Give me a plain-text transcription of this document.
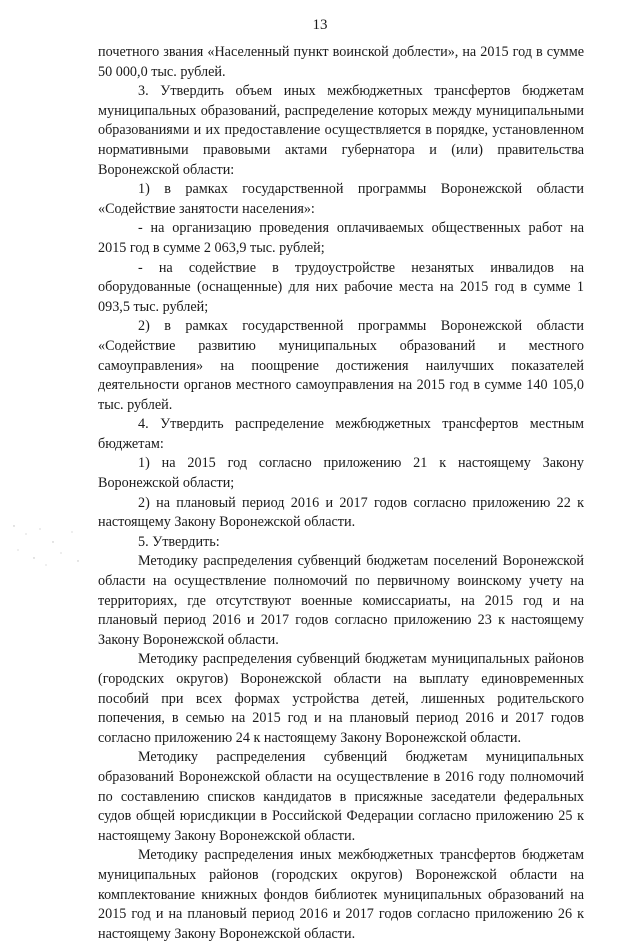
13

почетного звания «Населенный пункт воинской доблести», на 2015 год в сумме 50 000,0 тыс. рублей.

3. Утвердить объем иных межбюджетных трансфертов бюджетам муниципальных образований, распределение которых между муниципальными образованиями и их предоставление осуществляется в порядке, установленном нормативными правовыми актами губернатора и (или) правительства Воронежской области:

1) в рамках государственной программы Воронежской области «Содействие занятости населения»:

- на организацию проведения оплачиваемых общественных работ на 2015 год в сумме 2 063,9 тыс. рублей;

- на содействие в трудоустройстве незанятых инвалидов на оборудованные (оснащенные) для них рабочие места на 2015 год в сумме 1 093,5 тыс. рублей;

2) в рамках государственной программы Воронежской области «Содействие развитию муниципальных образований и местного самоуправления» на поощрение достижения наилучших показателей деятельности органов местного самоуправления на 2015 год в сумме 140 105,0 тыс. рублей.

4. Утвердить распределение межбюджетных трансфертов местным бюджетам:

1) на 2015 год согласно приложению 21 к настоящему Закону Воронежской области;

2) на плановый период 2016 и 2017 годов согласно приложению 22 к настоящему Закону Воронежской области.

5. Утвердить:

Методику распределения субвенций бюджетам поселений Воронежской области на осуществление полномочий по первичному воинскому учету на территориях, где отсутствуют военные комиссариаты, на 2015 год и на плановый период 2016 и 2017 годов согласно приложению 23 к настоящему Закону Воронежской области.

Методику распределения субвенций бюджетам муниципальных районов (городских округов) Воронежской области на выплату единовременных пособий при всех формах устройства детей, лишенных родительского попечения, в семью на 2015 год и на плановый период 2016 и 2017 годов согласно приложению 24 к настоящему Закону Воронежской области.

Методику распределения субвенций бюджетам муниципальных образований Воронежской области на осуществление в 2016 году полномочий по составлению списков кандидатов в присяжные заседатели федеральных судов общей юрисдикции в Российской Федерации согласно приложению 25 к настоящему Закону Воронежской области.

Методику распределения иных межбюджетных трансфертов бюджетам муниципальных районов (городских округов) Воронежской области на комплектование книжных фондов библиотек муниципальных образований на 2015 год и на плановый период 2016 и 2017 годов согласно приложению 26 к настоящему Закону Воронежской области.
